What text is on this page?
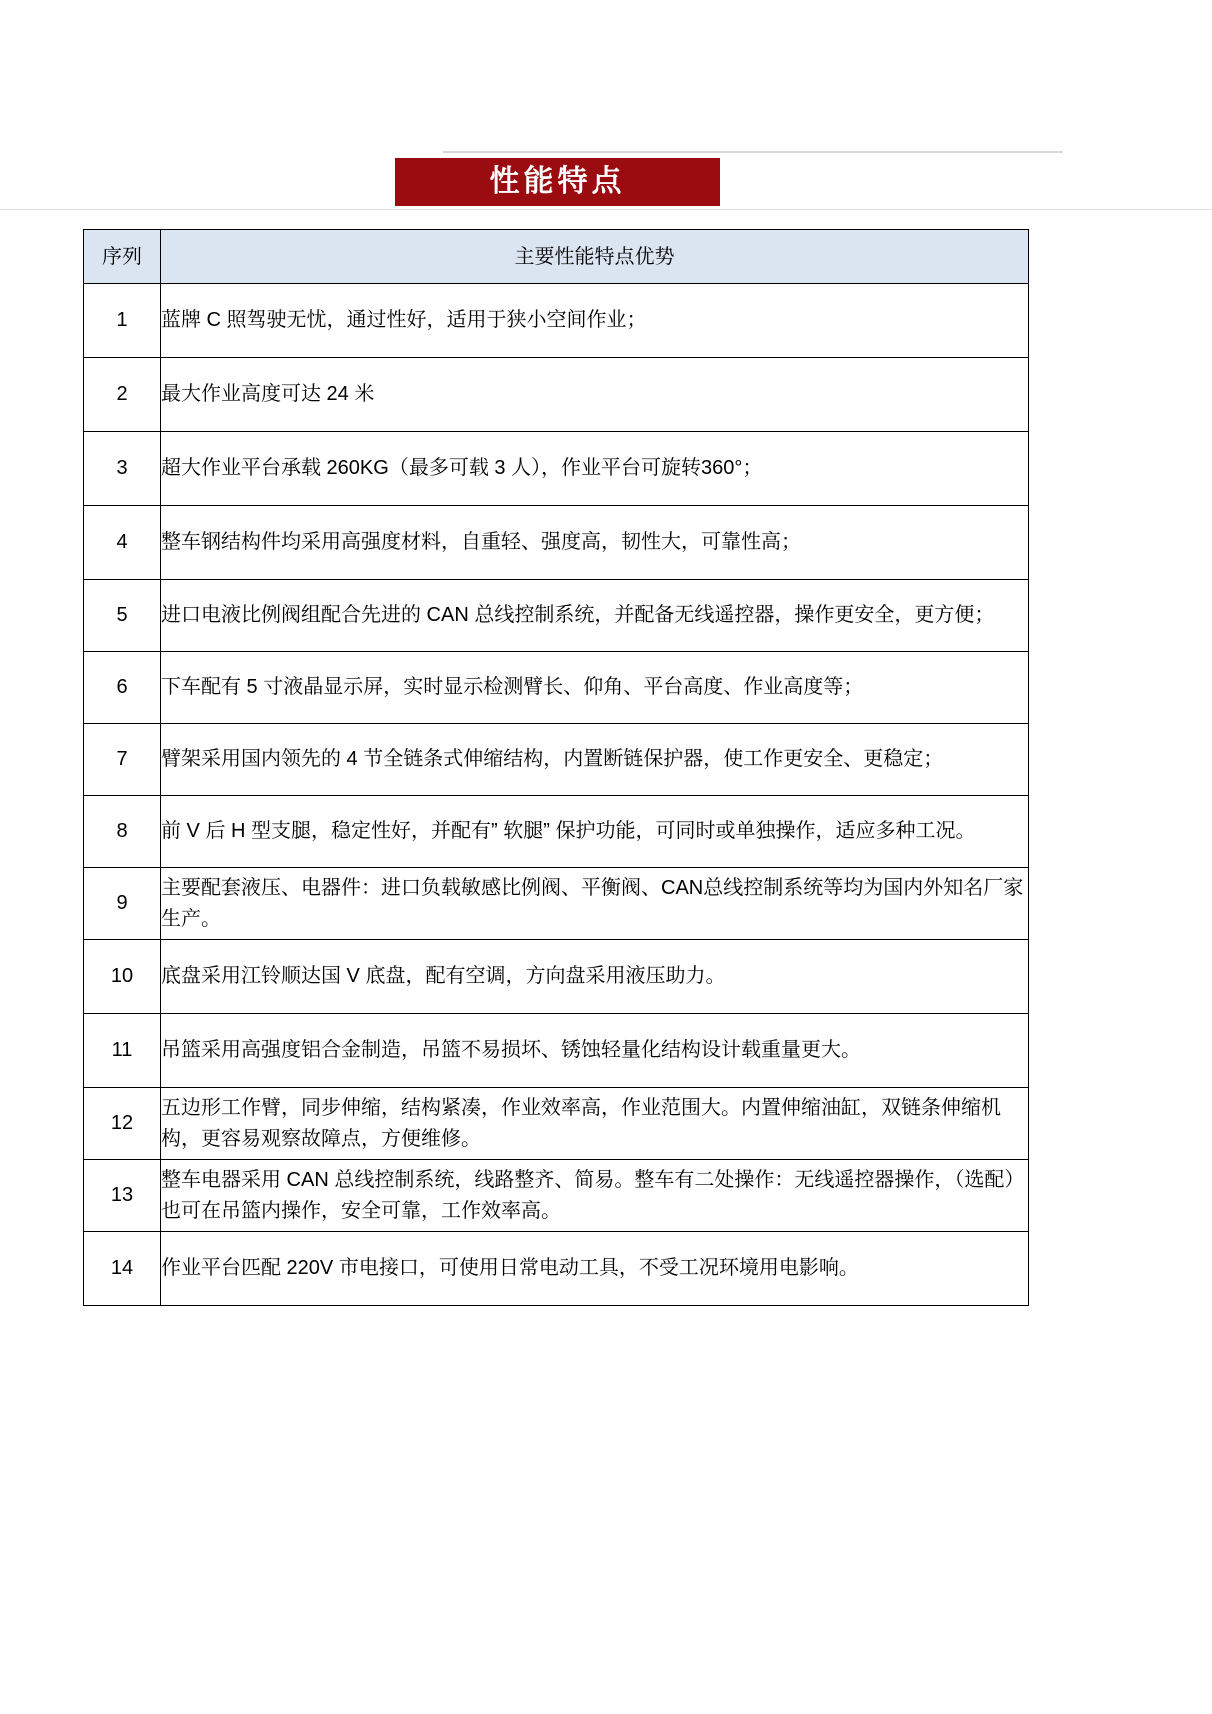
性能特点
序列	主要性能特点优势

1	蓝牌 C 照驾驶无忧，通过性好，适用于狭小空间作业；
2	最大作业高度可达 24 米
3	超大作业平台承载 260KG（最多可载 3 人），作业平台可旋转360°；
4	整车钢结构件均采用高强度材料，自重轻、强度高，韧性大，可靠性高；
5	进口电液比例阀组配合先进的 CAN 总线控制系统，并配备无线遥控器，操作更安全，更方便；
6	下车配有 5 寸液晶显示屏，实时显示检测臂长、仰角、平台高度、作业高度等；
7	臂架采用国内领先的 4 节全链条式伸缩结构，内置断链保护器，使工作更安全、更稳定；
8	前 V 后 H 型支腿，稳定性好，并配有” 软腿” 保护功能，可同时或单独操作，适应多种工况。
9	主要配套液压、电器件：进口负载敏感比例阀、平衡阀、CAN总线控制系统等均为国内外知名厂家生产。
10	底盘采用江铃顺达国 V 底盘，配有空调，方向盘采用液压助力。
11	吊篮采用高强度铝合金制造，吊篮不易损坏、锈蚀轻量化结构设计载重量更大。
12	五边形工作臂，同步伸缩，结构紧凑，作业效率高，作业范围大。内置伸缩油缸，双链条伸缩机构，更容易观察故障点，方便维修。
13	整车电器采用 CAN 总线控制系统，线路整齐、简易。整车有二处操作：无线遥控器操作，（选配）也可在吊篮内操作，安全可靠，工作效率高。
14	作业平台匹配 220V 市电接口，可使用日常电动工具，不受工况环境用电影响。
